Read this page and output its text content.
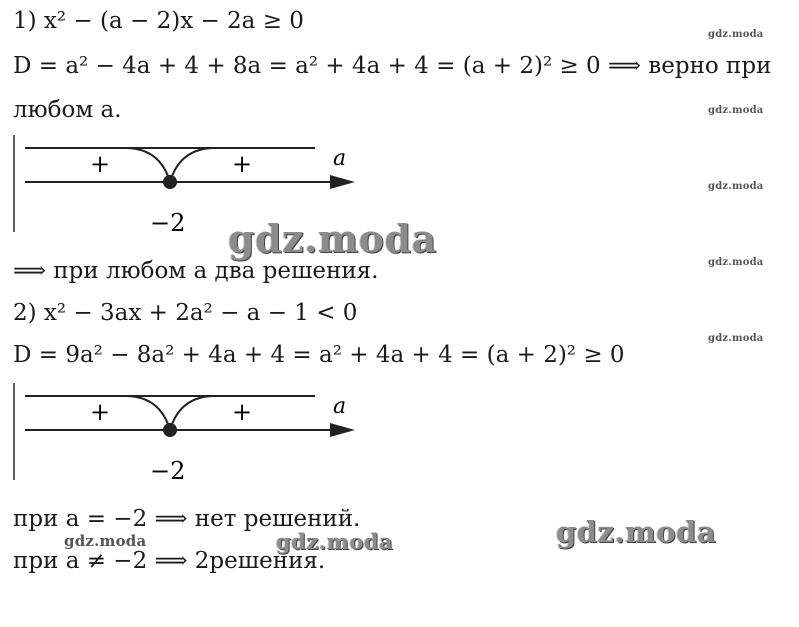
1) x² − (a − 2)x − 2a ≥ 0
D = a² − 4a + 4 + 8a = a² + 4a + 4 = (a + 2)² ≥ 0 ⟹ верно при
любом a.
+	+	a
−2
⟹ при любом a два решения.
2) x² − 3ax + 2a² − a − 1 < 0
D = 9a² − 8a² + 4a + 4 = a² + 4a + 4 = (a + 2)² ≥ 0
+	+	a
−2
при a = −2 ⟹ нет решений.
при a ≠ −2 ⟹ 2решения.
gdz.moda
gdz.moda
gdz.moda
gdz.moda
gdz.moda
gdz.moda
gdz.moda
gdz.moda	gdz.moda
